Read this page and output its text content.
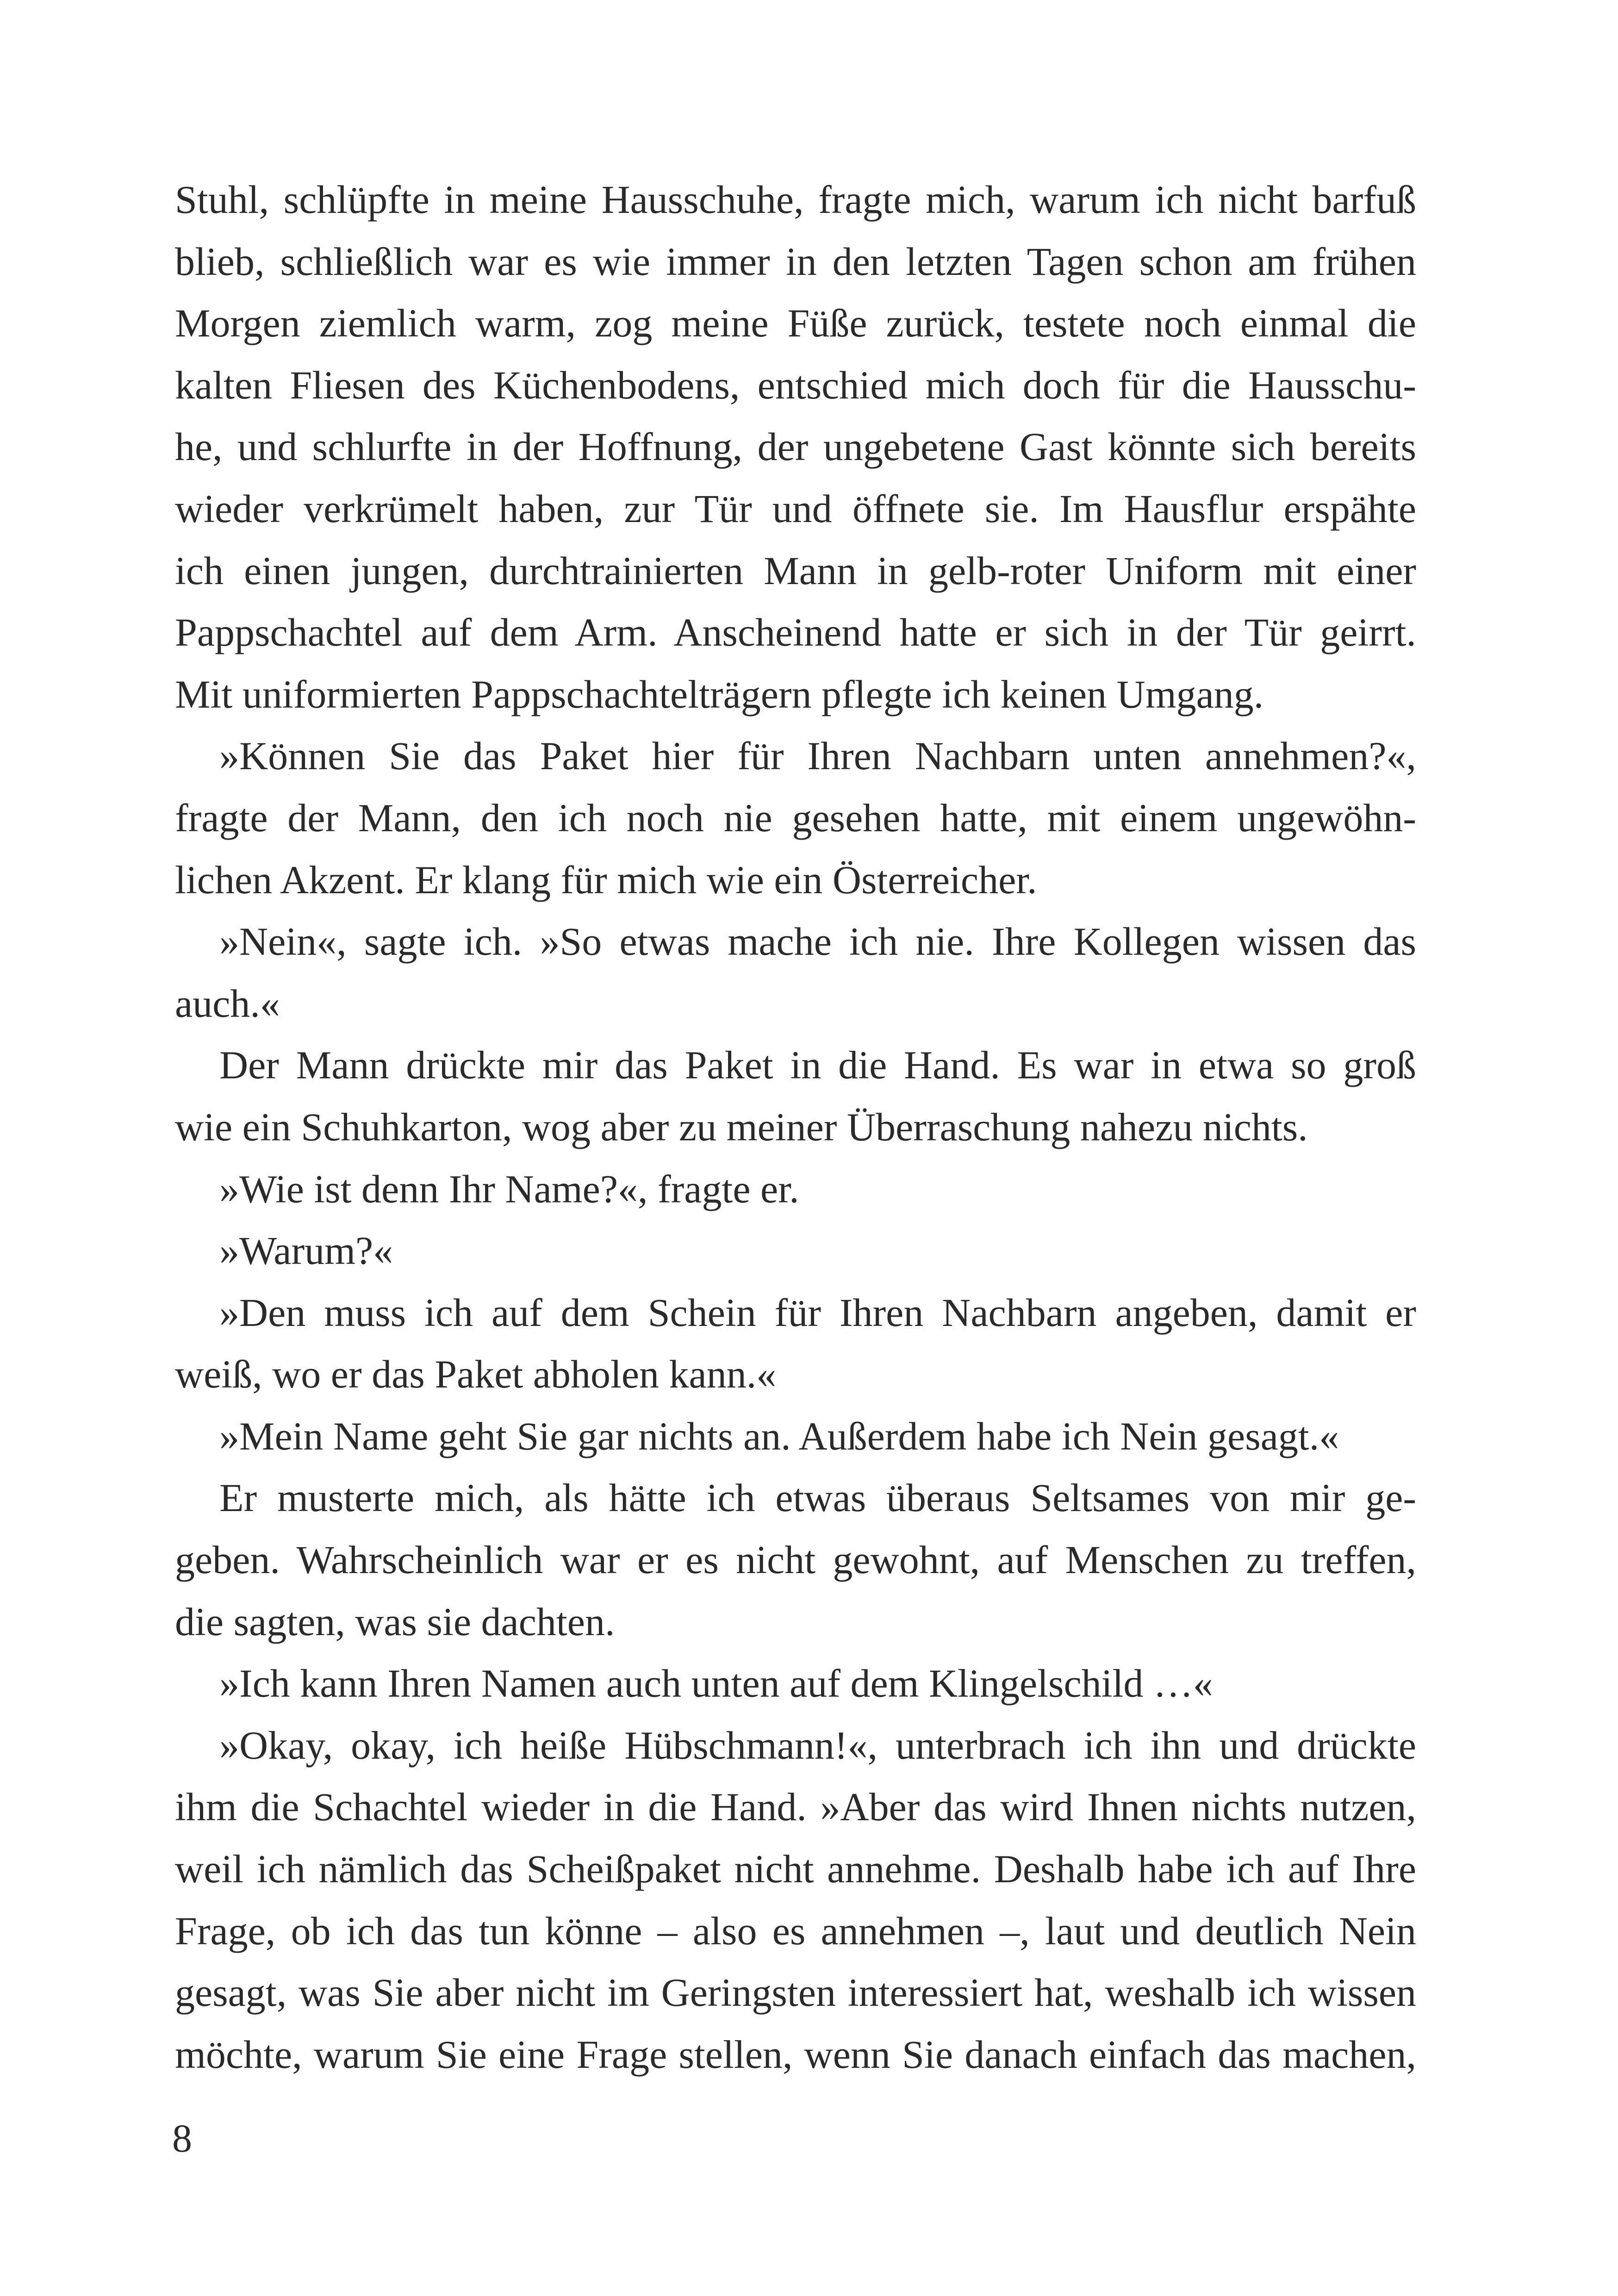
Stuhl, schlüpfte in meine Hausschuhe, fragte mich, warum ich nicht barfuß
blieb, schließlich war es wie immer in den letzten Tagen schon am frühen
Morgen ziemlich warm, zog meine Füße zurück, testete noch einmal die
kalten Fliesen des Küchenbodens, entschied mich doch für die Hausschu-
he, und schlurfte in der Hoffnung, der ungebetene Gast könnte sich bereits
wieder verkrümelt haben, zur Tür und öffnete sie. Im Hausflur erspähte
ich einen jungen, durchtrainierten Mann in gelb-roter Uniform mit einer
Pappschachtel auf dem Arm. Anscheinend hatte er sich in der Tür geirrt.
Mit uniformierten Pappschachtelträgern pflegte ich keinen Umgang.
»Können Sie das Paket hier für Ihren Nachbarn unten annehmen?«,
fragte der Mann, den ich noch nie gesehen hatte, mit einem ungewöhn-
lichen Akzent. Er klang für mich wie ein Österreicher.
»Nein«, sagte ich. »So etwas mache ich nie. Ihre Kollegen wissen das
auch.«
Der Mann drückte mir das Paket in die Hand. Es war in etwa so groß
wie ein Schuhkarton, wog aber zu meiner Überraschung nahezu nichts.
»Wie ist denn Ihr Name?«, fragte er.
»Warum?«
»Den muss ich auf dem Schein für Ihren Nachbarn angeben, damit er
weiß, wo er das Paket abholen kann.«
»Mein Name geht Sie gar nichts an. Außerdem habe ich Nein gesagt.«
Er musterte mich, als hätte ich etwas überaus Seltsames von mir ge-
geben. Wahrscheinlich war er es nicht gewohnt, auf Menschen zu treffen,
die sagten, was sie dachten.
»Ich kann Ihren Namen auch unten auf dem Klingelschild …«
»Okay, okay, ich heiße Hübschmann!«, unterbrach ich ihn und drückte
ihm die Schachtel wieder in die Hand. »Aber das wird Ihnen nichts nutzen,
weil ich nämlich das Scheißpaket nicht annehme. Deshalb habe ich auf Ihre
Frage, ob ich das tun könne – also es annehmen –, laut und deutlich Nein
gesagt, was Sie aber nicht im Geringsten interessiert hat, weshalb ich wissen
möchte, warum Sie eine Frage stellen, wenn Sie danach einfach das machen,
8
